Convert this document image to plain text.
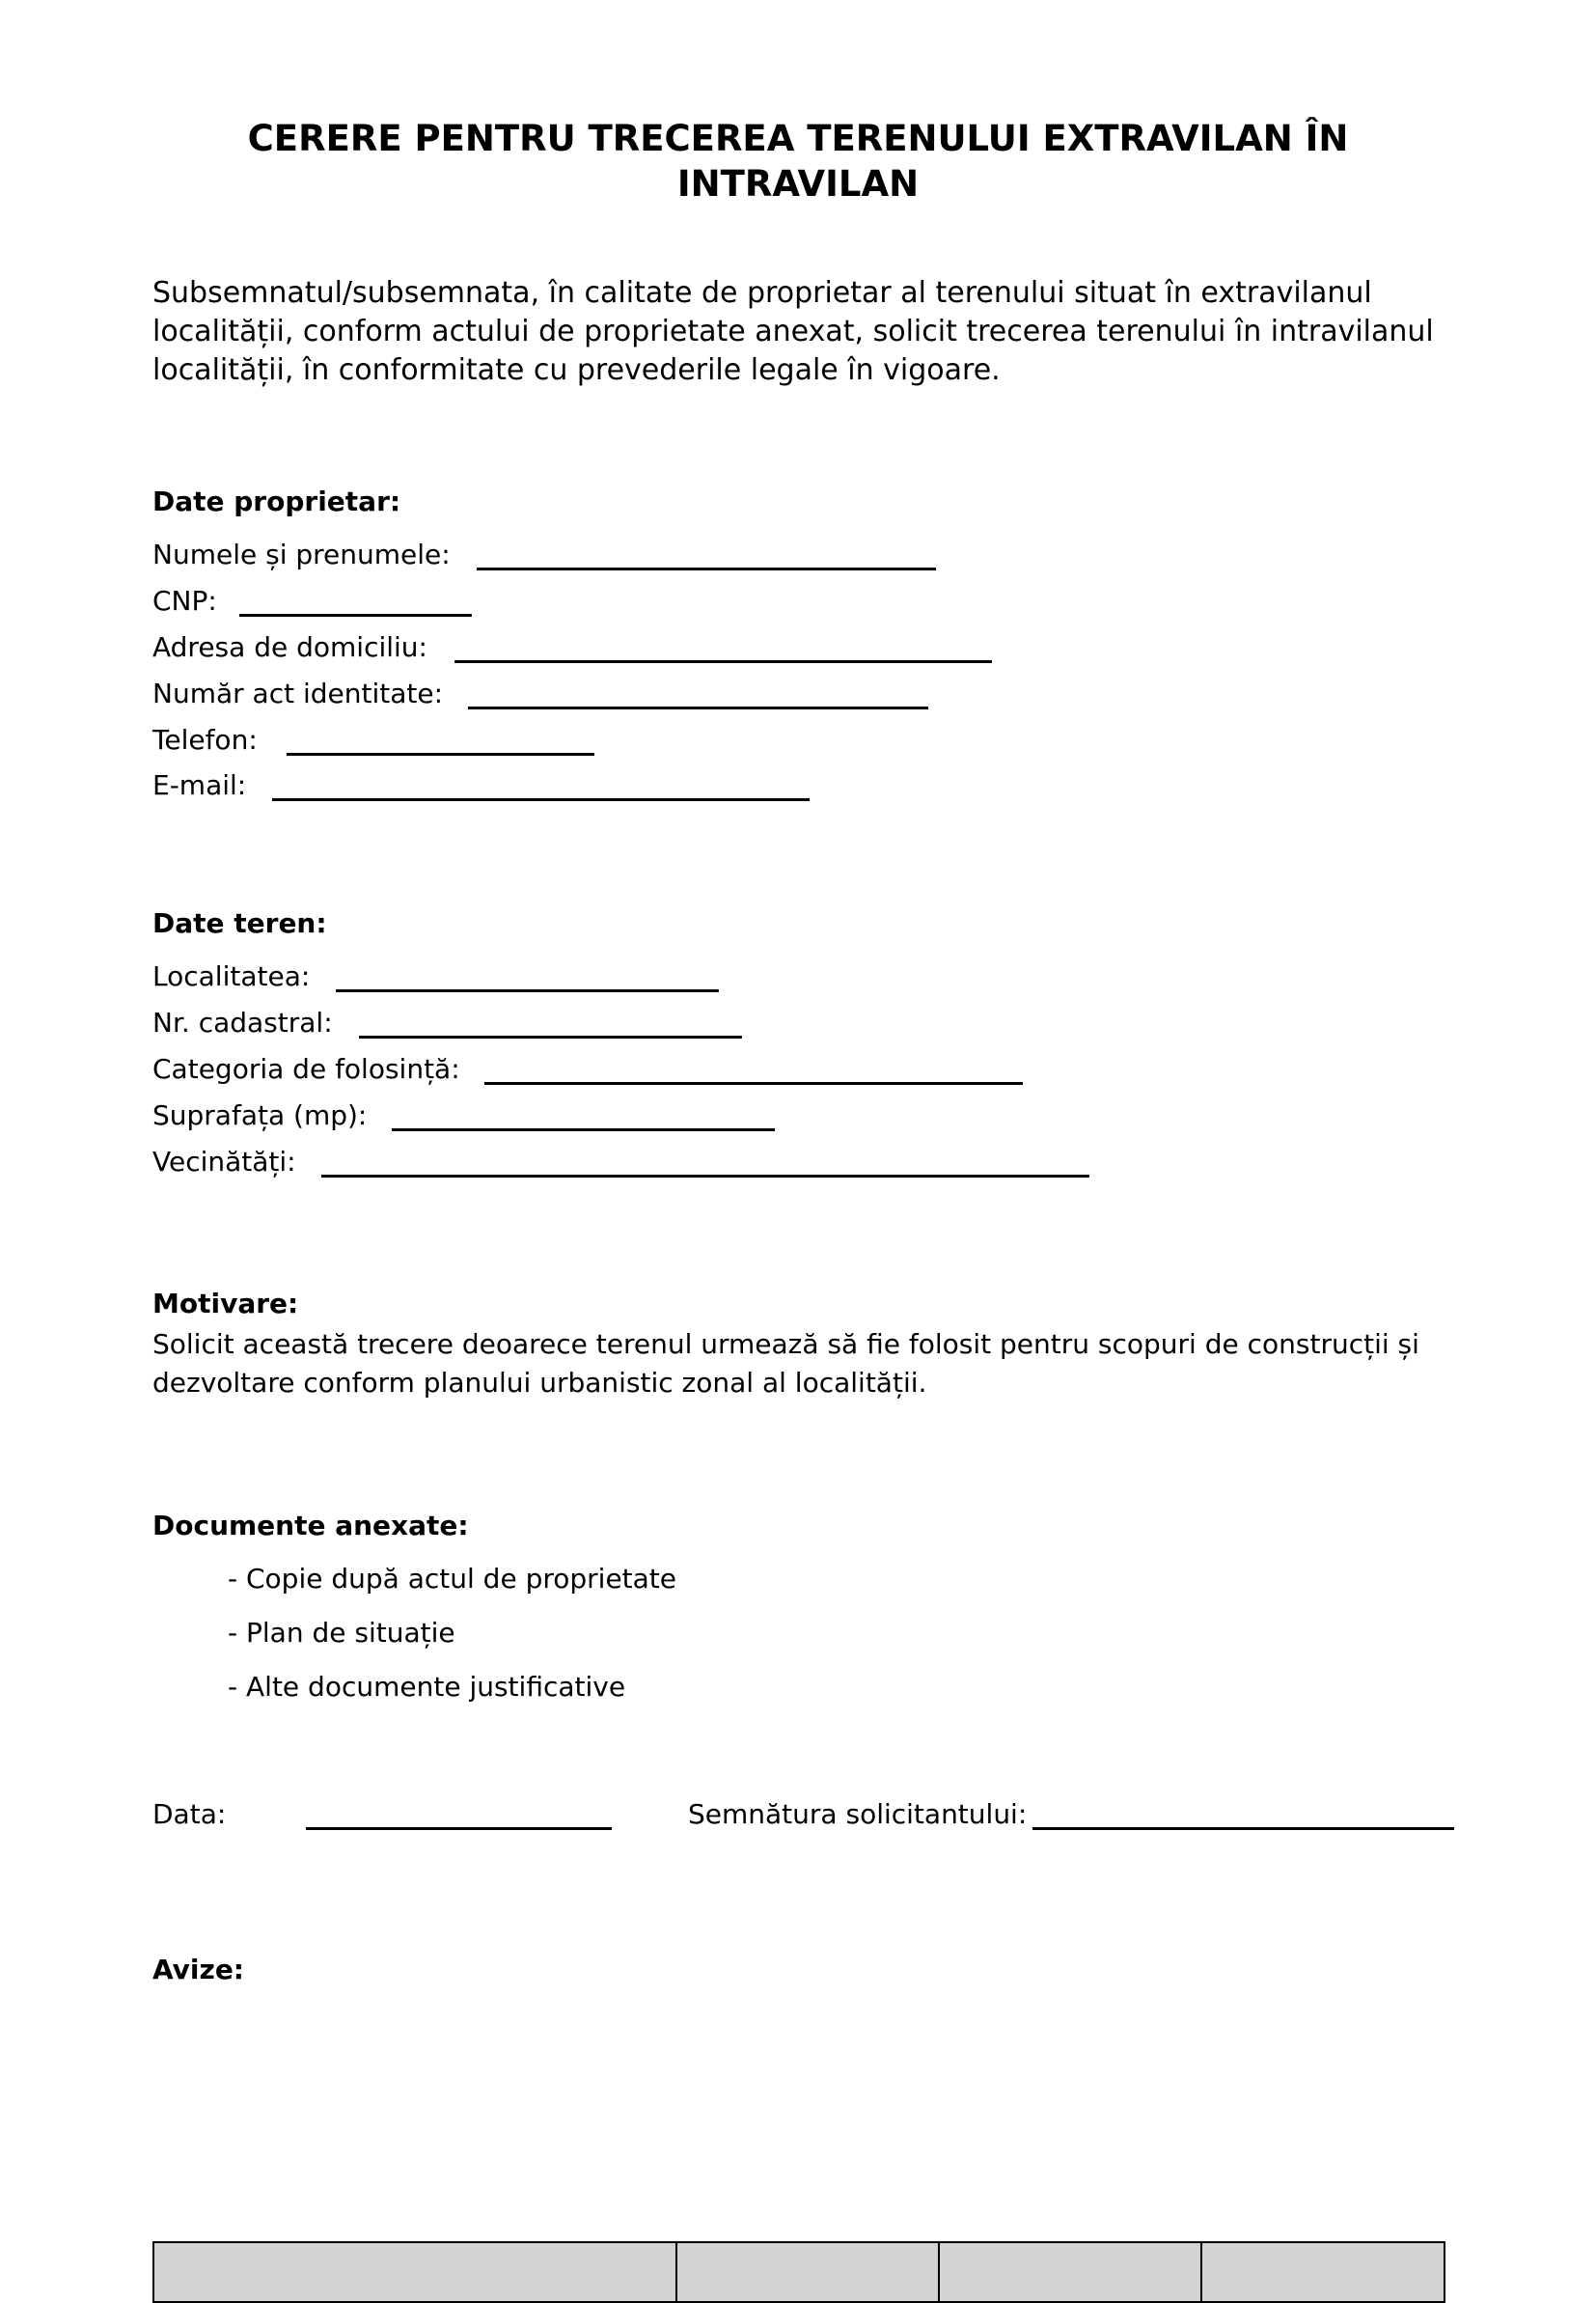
CERERE PENTRU TRECEREA TERENULUI EXTRAVILAN ÎN INTRAVILAN

Subsemnatul/subsemnata, în calitate de proprietar al terenului situat în extravilanul localității, conform actului de proprietate anexat, solicit trecerea terenului în intravilanul localității, în conformitate cu prevederile legale în vigoare.

Date proprietar:
Numele și prenumele:
CNP:
Adresa de domiciliu:
Număr act identitate:
Telefon:
E-mail:
Date teren:
Localitatea:
Nr. cadastral:
Categoria de folosință:
Suprafața (mp):
Vecinătăți:
Motivare:

Solicit această trecere deoarece terenul urmează să fie folosit pentru scopuri de construcții și dezvoltare conform planului urbanistic zonal al localității.

Documente anexate:
- Copie după actul de proprietate
- Plan de situație
- Alte documente justificative
Data:	Semnătura solicitantului:
Avize:
